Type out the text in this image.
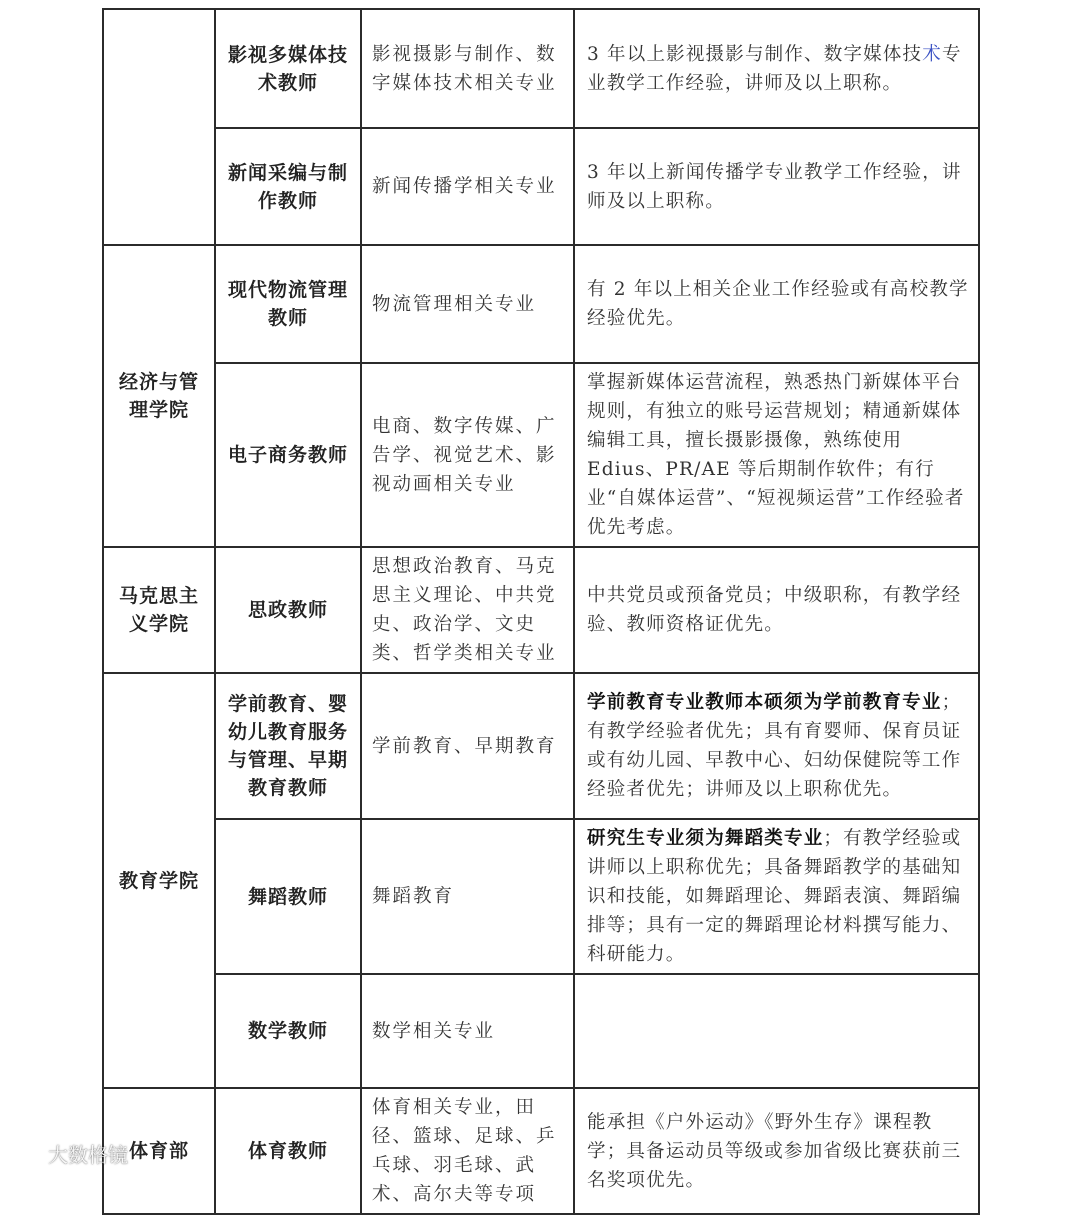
	影视多媒体技术教师	影视摄影与制作、数字媒体技术相关专业	3 年以上影视摄影与制作、数字媒体技术专业教学工作经验，讲师及以上职称。
	新闻采编与制作教师	新闻传播学相关专业	3 年以上新闻传播学专业教学工作经验，讲师及以上职称。
经济与管理学院	现代物流管理教师	物流管理相关专业	有 2 年以上相关企业工作经验或有高校教学经验优先。
	电子商务教师	电商、数字传媒、广告学、视觉艺术、影视动画相关专业	掌握新媒体运营流程，熟悉热门新媒体平台规则，有独立的账号运营规划；精通新媒体编辑工具，擅长摄影摄像，熟练使用 Edius、PR/AE 等后期制作软件；有行业“自媒体运营”、“短视频运营”工作经验者优先考虑。
马克思主义学院	思政教师	思想政治教育、马克思主义理论、中共党史、政治学、文史类、哲学类相关专业	中共党员或预备党员；中级职称，有教学经验、教师资格证优先。
教育学院	学前教育、婴幼儿教育服务与管理、早期教育教师	学前教育、早期教育	学前教育专业教师本硕须为学前教育专业；有教学经验者优先；具有育婴师、保育员证或有幼儿园、早教中心、妇幼保健院等工作经验者优先；讲师及以上职称优先。
	舞蹈教师	舞蹈教育	研究生专业须为舞蹈类专业；有教学经验或讲师以上职称优先；具备舞蹈教学的基础知识和技能，如舞蹈理论、舞蹈表演、舞蹈编排等；具有一定的舞蹈理论材料撰写能力、科研能力。
	数学教师	数学相关专业	
体育部	体育教师	体育相关专业，田径、篮球、足球、乒乓球、羽毛球、武术、高尔夫等专项	能承担《户外运动》《野外生存》课程教学；具备运动员等级或参加省级比赛获前三名奖项优先。
大数格镜
